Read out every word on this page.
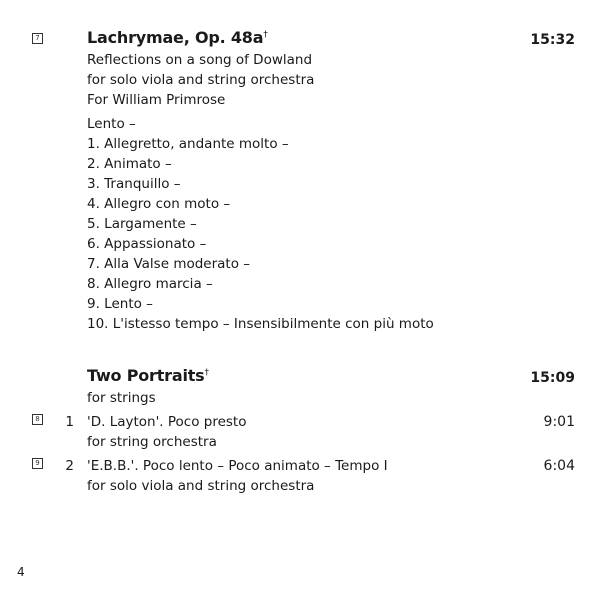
7	Lachrymae, Op. 48a†	15:32
Reflections on a song of Dowland
for solo viola and string orchestra
For William Primrose
Lento –
1. Allegretto, andante molto –
2. Animato –
3. Tranquillo –
4. Allegro con moto –
5. Largamente –
6. Appassionato –
7. Alla Valse moderato –
8. Allegro marcia –
9. Lento –
10. L'istesso tempo – Insensibilmente con più moto
Two Portraits†	15:09
for strings
8	1 'D. Layton'. Poco presto	9:01
for string orchestra
9	2 'E.B.B.'. Poco lento – Poco animato – Tempo I	6:04
for solo viola and string orchestra
4
